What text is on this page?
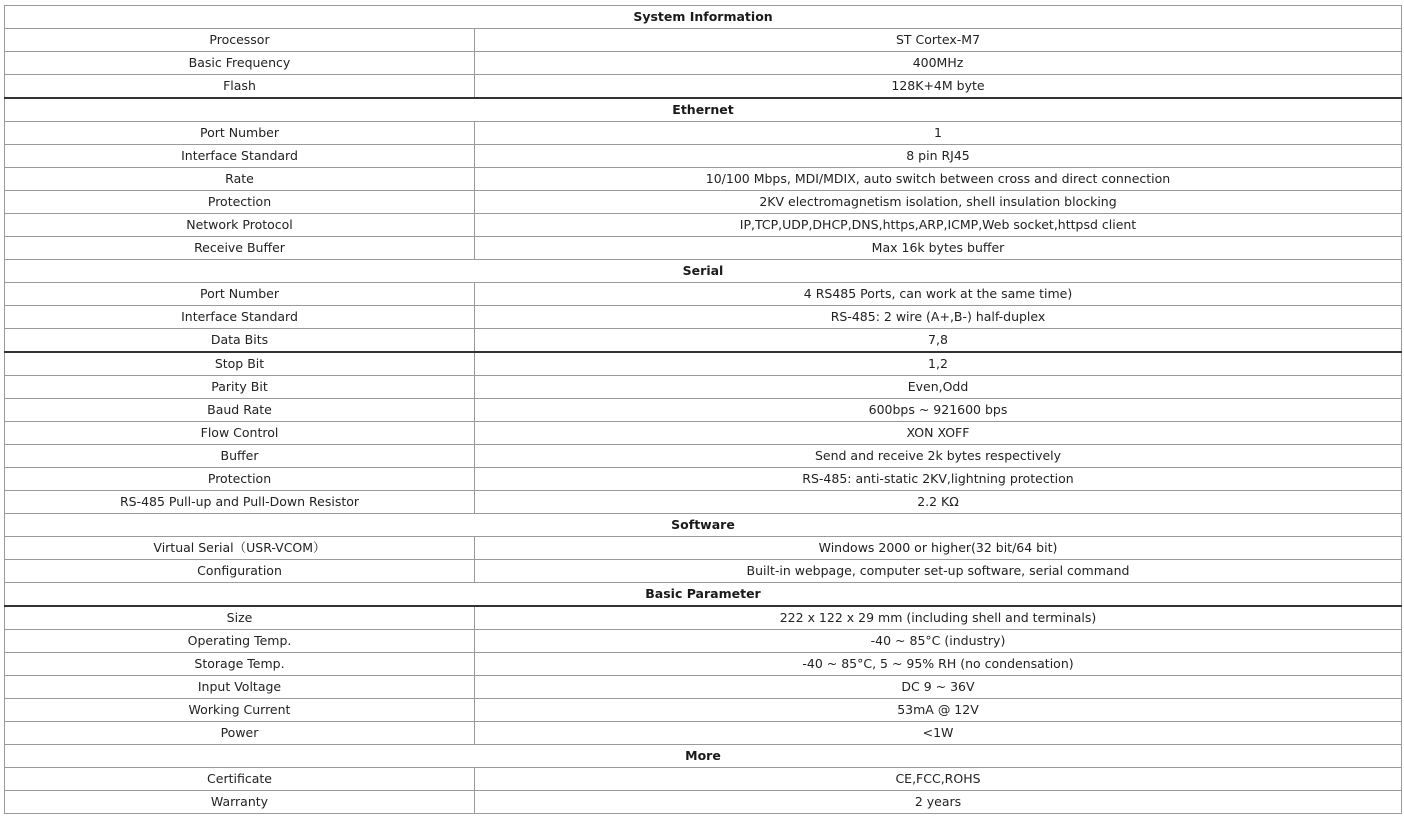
System Information	
Processor	ST Cortex-M7
Basic Frequency	400MHz
Flash	128K+4M byte
Ethernet	
Port Number	1
Interface Standard	8 pin RJ45
Rate	10/100 Mbps, MDI/MDIX, auto switch between cross and direct connection
Protection	2KV electromagnetism isolation, shell insulation blocking
Network Protocol	IP,TCP,UDP,DHCP,DNS,https,ARP,ICMP,Web socket,httpsd client
Receive Buffer	Max 16k bytes buffer
Serial	
Port Number	4 RS485 Ports, can work at the same time)
Interface Standard	RS-485: 2 wire (A+,B-) half-duplex
Data Bits	7,8
Stop Bit	1,2
Parity Bit	Even,Odd
Baud Rate	600bps ~ 921600 bps
Flow Control	XON XOFF
Buffer	Send and receive 2k bytes respectively
Protection	RS-485: anti-static 2KV,lightning protection
RS-485 Pull-up and Pull-Down Resistor	2.2 KΩ
Software	
Virtual Serial（USR-VCOM）	Windows 2000 or higher(32 bit/64 bit)
Configuration	Built-in webpage, computer set-up software, serial command
Basic Parameter	
Size	222 x 122 x 29 mm (including shell and terminals)
Operating Temp.	-40 ~ 85°C (industry)
Storage Temp.	-40 ~ 85°C, 5 ~ 95% RH (no condensation)
Input Voltage	DC 9 ~ 36V
Working Current	53mA @ 12V
Power	<1W
More	
Certificate	CE,FCC,ROHS
Warranty	2 years
